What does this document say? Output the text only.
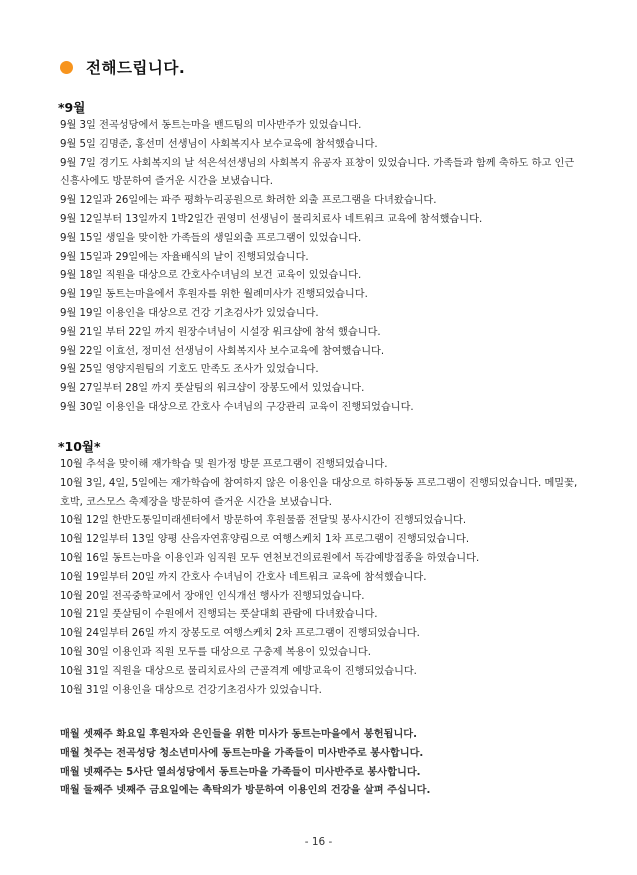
전해드립니다.
*9월
9월 3일 전곡성당에서 동트는마을 밴드팀의 미사반주가 있었습니다.
9월 5일 김명준, 홍선미 선생님이 사회복지사 보수교육에 참석했습니다.
9월 7일 경기도 사회복지의 날 석은석선생님의 사회복지 유공자 표창이 있었습니다. 가족들과 함께 축하도 하고 인근 신흥사에도 방문하여 즐거운 시간을 보냈습니다.
9월 12일과 26일에는 파주 평화누리공원으로 화려한 외출 프로그램을 다녀왔습니다.
9월 12일부터 13일까지 1박2일간 권영미 선생님이 물리치료사 네트워크 교육에 참석했습니다.
9월 15일 생일을 맞이한 가족들의 생일외출 프로그램이 있었습니다.
9월 15일과 29일에는 자율배식의 날이 진행되었습니다.
9월 18일 직원을 대상으로 간호사수녀님의 보건 교육이 있었습니다.
9월 19일 동트는마을에서 후원자를 위한 월례미사가 진행되었습니다.
9월 19일 이용인을 대상으로 건강 기초검사가 있었습니다.
9월 21일 부터 22일 까지 원장수녀님이 시설장 워크샵에 참석 했습니다.
9월 22일 이효선, 정미선 선생님이 사회복지사 보수교육에 참여했습니다.
9월 25일 영양지원팀의 기호도 만족도 조사가 있었습니다.
9월 27일부터 28일 까지 풋살팀의 워크샵이 장봉도에서 있었습니다.
9월 30일 이용인을 대상으로 간호사 수녀님의 구강관리 교육이 진행되었습니다.
*10월*
10월 추석을 맞이해 재가학습 및 원가정 방문 프로그램이 진행되었습니다.
10월 3일, 4일, 5일에는 재가학습에 참여하지 않은 이용인을 대상으로 하하동동 프로그램이 진행되었습니다. 메밀꽃, 호박, 코스모스 축제장을 방문하여 즐거운 시간을 보냈습니다.
10월 12일 한반도통일미래센터에서 방문하여 후원물품 전달및 봉사시간이 진행되었습니다.
10월 12일부터 13일 양평 산음자연휴양림으로 여행스케치 1차 프로그램이 진행되었습니다.
10월 16일 동트는마을 이용인과 임직원 모두 연천보건의료원에서 독감예방접종을 하였습니다.
10월 19일부터 20일 까지 간호사 수녀님이 간호사 네트워크 교육에 참석했습니다.
10월 20일 전곡중학교에서 장애인 인식개선 행사가 진행되었습니다.
10월 21일 풋살팀이 수원에서 진행되는 풋살대회 관람에 다녀왔습니다.
10월 24일부터 26일 까지 장봉도로 여행스케치 2차 프로그램이 진행되었습니다.
10월 30일 이용인과 직원 모두를 대상으로 구충제 복용이 있었습니다.
10월 31일 직원을 대상으로 물리치료사의 근골격계 예방교육이 진행되었습니다.
10월 31일 이용인을 대상으로 건강기초검사가 있었습니다.
매월 셋째주 화요일 후원자와 은인들을 위한 미사가 동트는마을에서 봉헌됩니다.
매월 첫주는 전곡성당 청소년미사에 동트는마을 가족들이 미사반주로 봉사합니다.
매월 넷째주는 5사단 열쇠성당에서 동트는마을 가족들이 미사반주로 봉사합니다.
매월 둘째주 넷째주 금요일에는 촉탁의가 방문하여 이용인의 건강을 살펴 주십니다.
- 16 -
